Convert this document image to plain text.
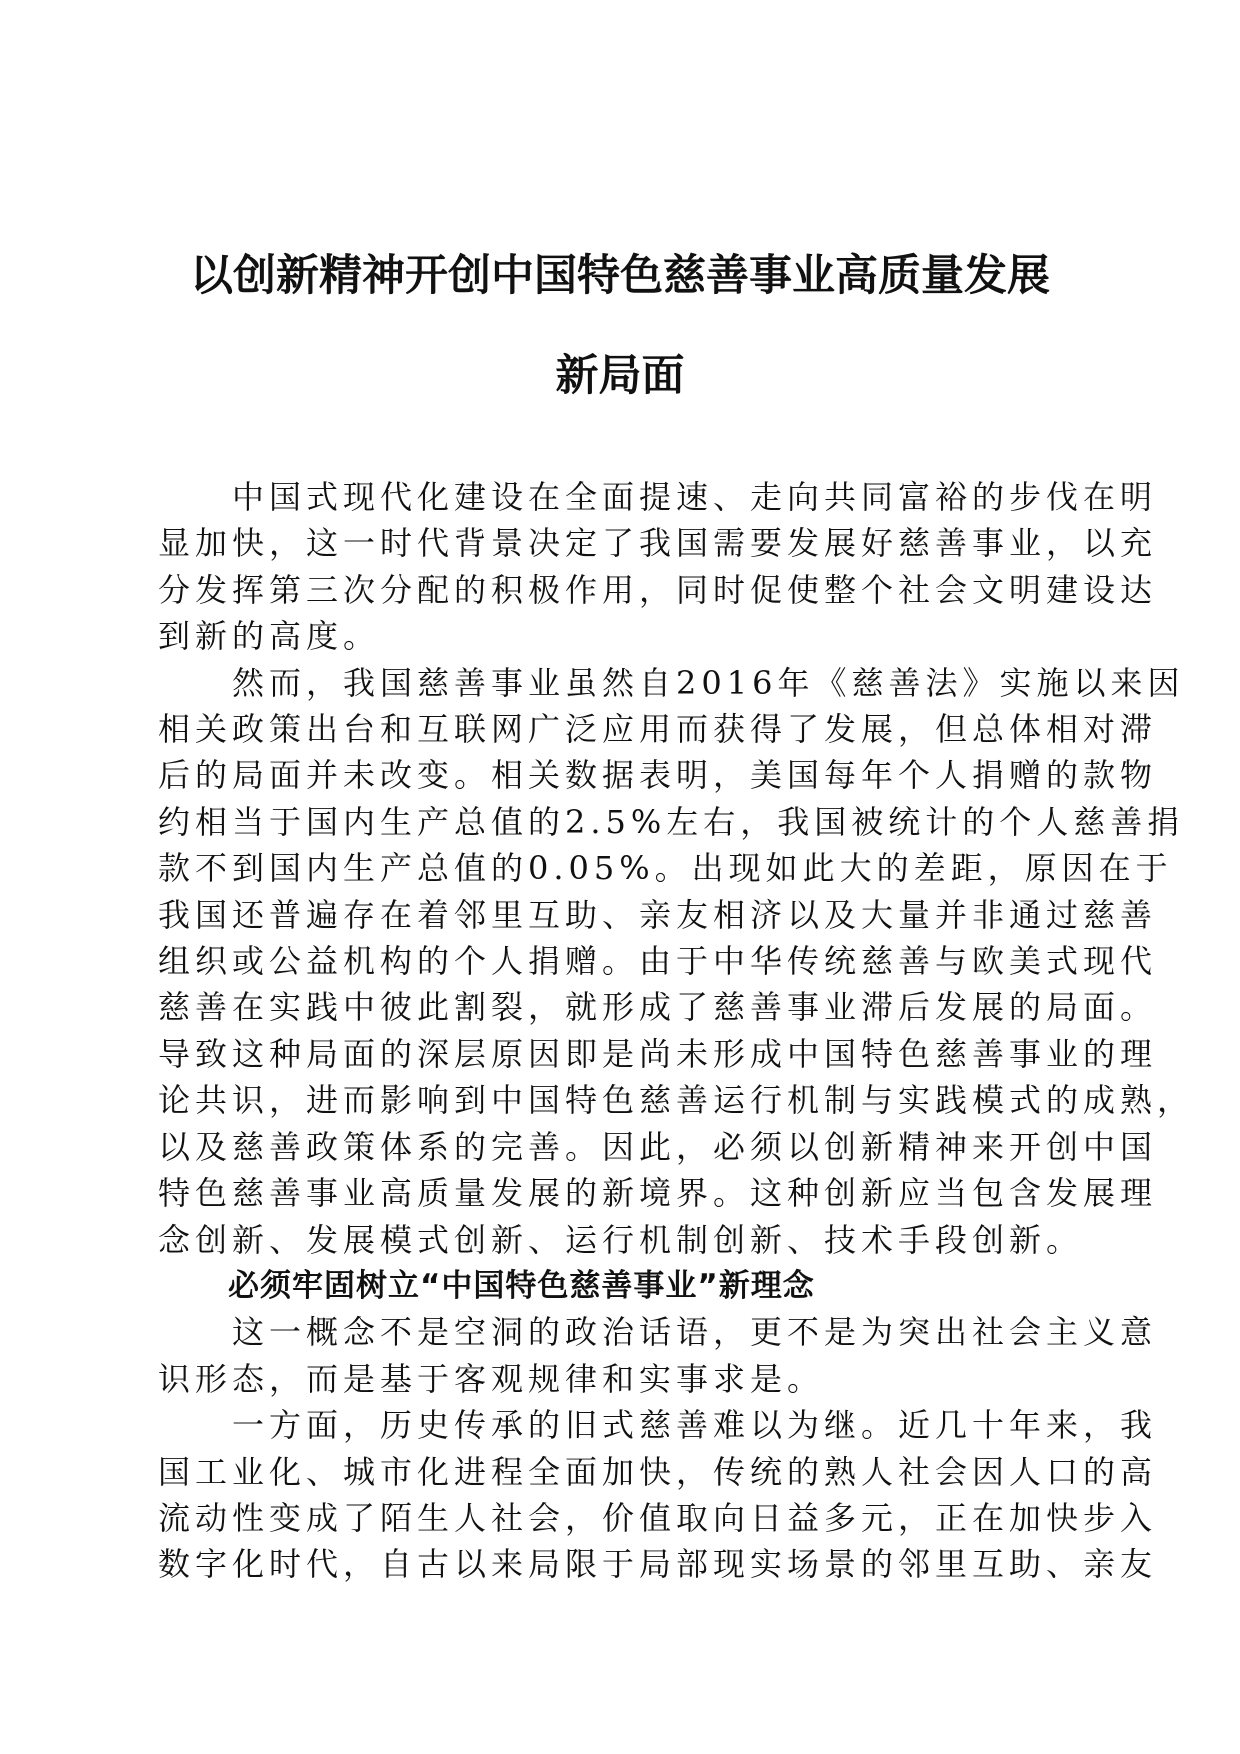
以创新精神开创中国特色慈善事业高质量发展
新局面

中国式现代化建设在全面提速、走向共同富裕的步伐在明
显加快，这一时代背景决定了我国需要发展好慈善事业，以充
分发挥第三次分配的积极作用，同时促使整个社会文明建设达
到新的高度。

然而，我国慈善事业虽然自2016年《慈善法》实施以来因
相关政策出台和互联网广泛应用而获得了发展，但总体相对滞
后的局面并未改变。相关数据表明，美国每年个人捐赠的款物
约相当于国内生产总值的2.5%左右，我国被统计的个人慈善捐
款不到国内生产总值的0.05%。出现如此大的差距，原因在于
我国还普遍存在着邻里互助、亲友相济以及大量并非通过慈善
组织或公益机构的个人捐赠。由于中华传统慈善与欧美式现代
慈善在实践中彼此割裂，就形成了慈善事业滞后发展的局面。
导致这种局面的深层原因即是尚未形成中国特色慈善事业的理
论共识，进而影响到中国特色慈善运行机制与实践模式的成熟，
以及慈善政策体系的完善。因此，必须以创新精神来开创中国
特色慈善事业高质量发展的新境界。这种创新应当包含发展理
念创新、发展模式创新、运行机制创新、技术手段创新。

必须牢固树立“中国特色慈善事业”新理念

这一概念不是空洞的政治话语，更不是为突出社会主义意
识形态，而是基于客观规律和实事求是。

一方面，历史传承的旧式慈善难以为继。近几十年来，我
国工业化、城市化进程全面加快，传统的熟人社会因人口的高
流动性变成了陌生人社会，价值取向日益多元，正在加快步入
数字化时代，自古以来局限于局部现实场景的邻里互助、亲友
